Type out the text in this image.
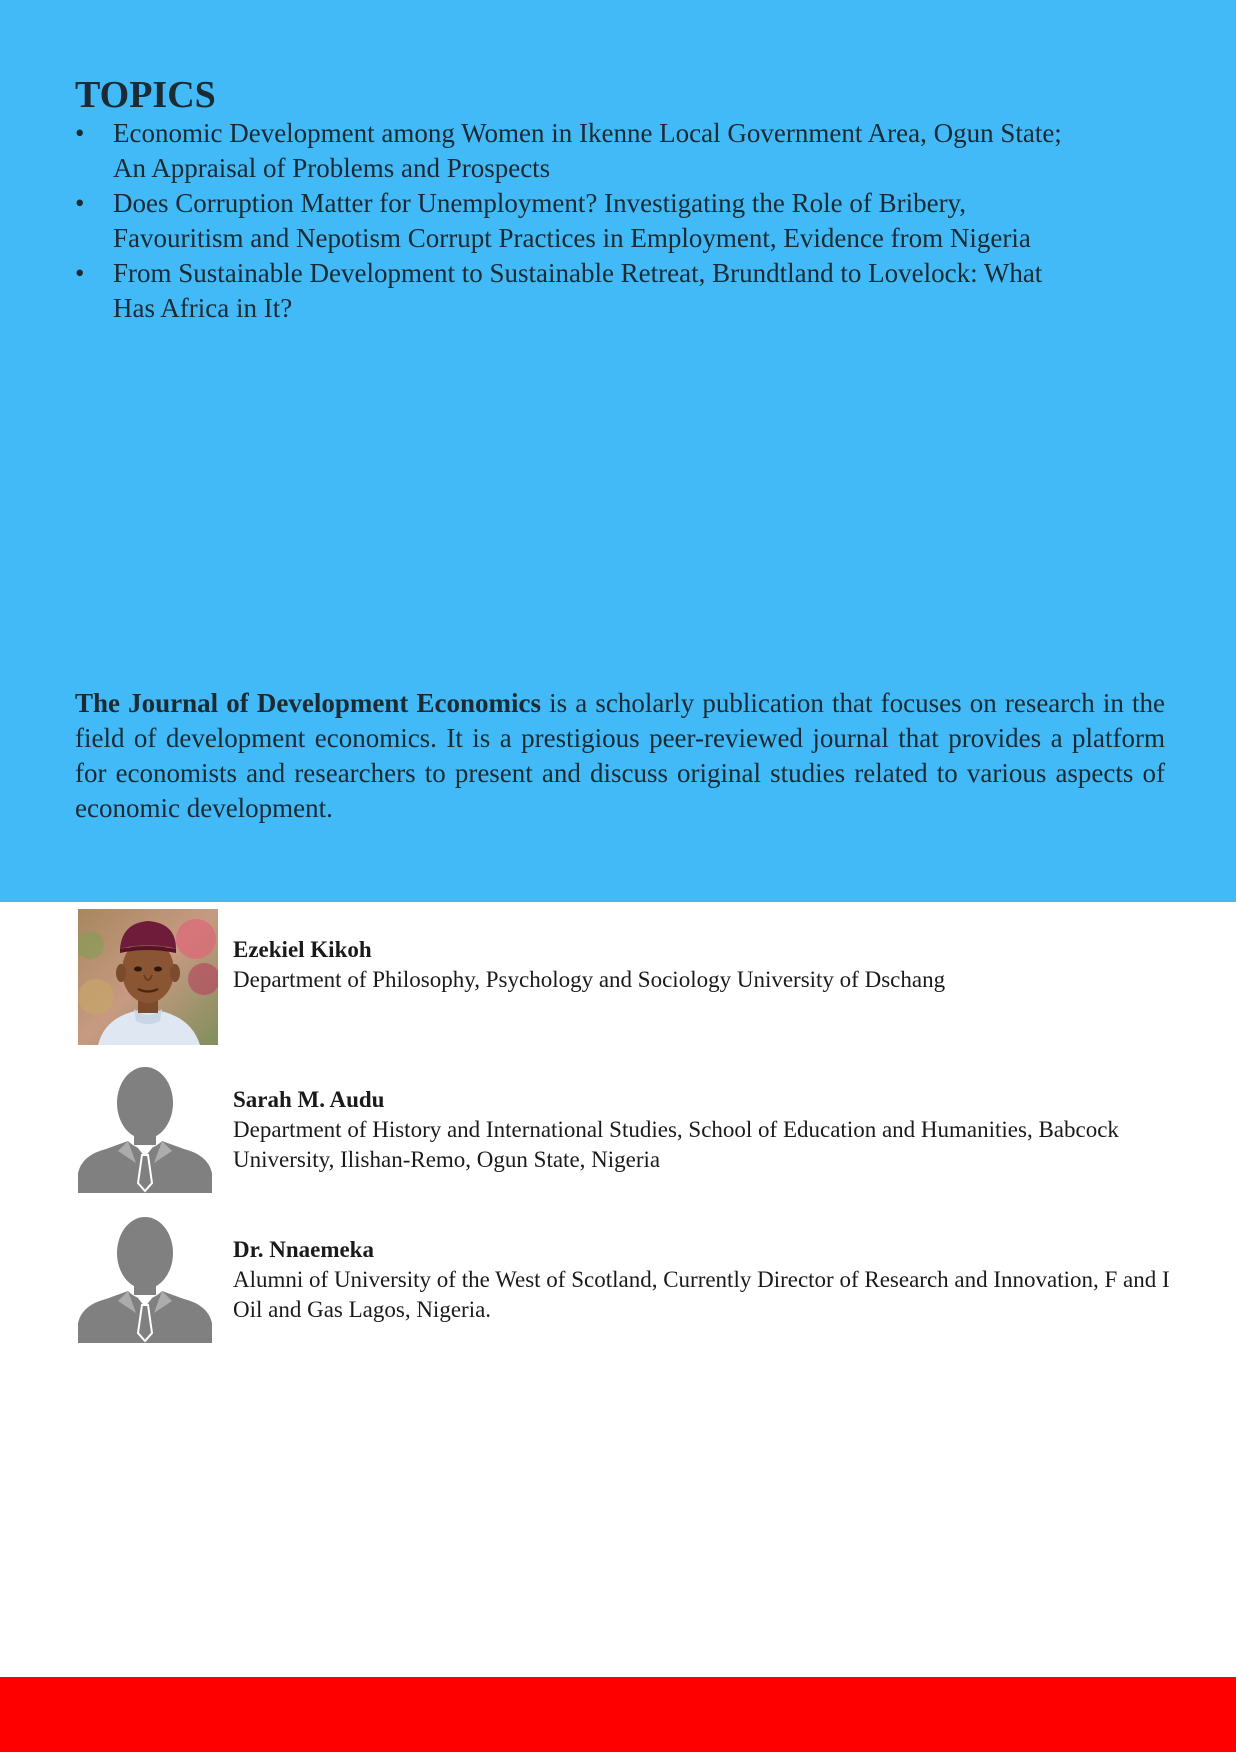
TOPICS
•	Economic Development among Women in Ikenne Local Government Area, Ogun State;
An Appraisal of Problems and Prospects
•	Does Corruption Matter for Unemployment? Investigating the Role of Bribery,
Favouritism and Nepotism Corrupt Practices in Employment, Evidence from Nigeria
•	From Sustainable Development to Sustainable Retreat, Brundtland to Lovelock: What
Has Africa in It?

The Journal of Development Economics is a scholarly publication that focuses on research in the field of development economics. It is a prestigious peer-reviewed journal that provides a platform for economists and researchers to present and discuss original studies related to various aspects of economic development.

Ezekiel Kikoh
Department of Philosophy, Psychology and Sociology University of Dschang
Sarah M. Audu
Department of History and International Studies, School of Education and Humanities, Babcock University, Ilishan-Remo, Ogun State, Nigeria
Dr. Nnaemeka
Alumni of University of the West of Scotland, Currently Director of Research and Innovation, F and I Oil and Gas Lagos, Nigeria.
